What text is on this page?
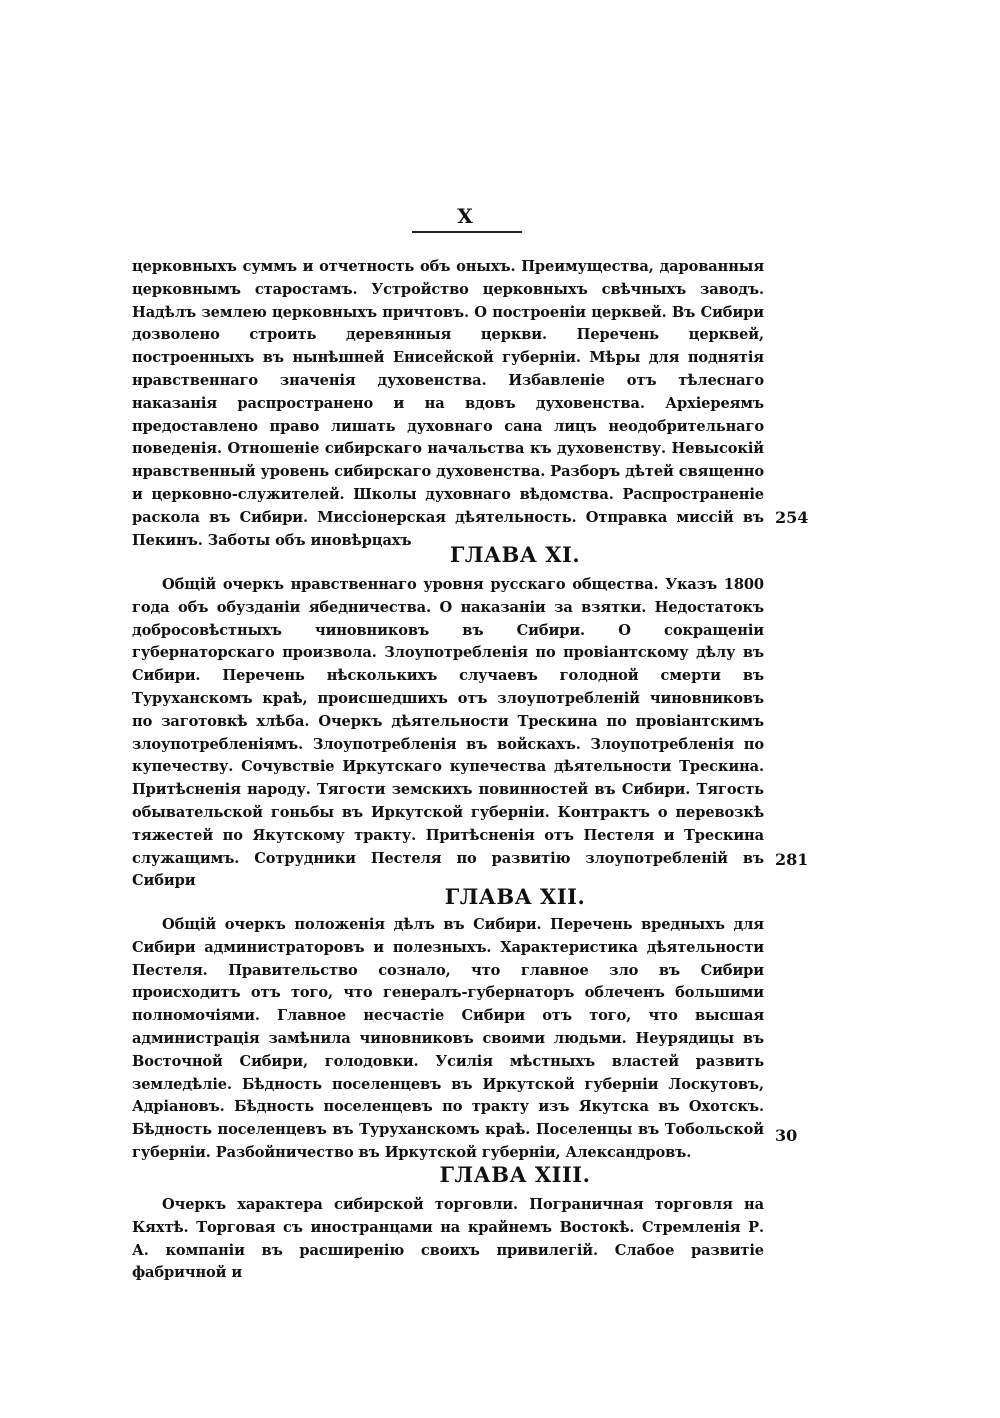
X

церковныхъ суммъ и отчетность объ оныхъ. Преимущества, дарованныя церковнымъ старостамъ. Устройство церковныхъ свѣчныхъ заводъ. Надѣлъ землею церковныхъ причтовъ. О построеніи церквей. Въ Сибири дозволено строить деревянныя церкви. Перечень церквей, построенныхъ въ нынѣшней Енисейской губерніи. Мѣры для поднятія нравственнаго значенія духовенства. Избавленіе отъ тѣлеснаго наказанія распространено и на вдовъ духовенства. Архіереямъ предоставлено право лишать духовнаго сана лицъ неодобрительнаго поведенія. Отношеніе сибирскаго начальства къ духовенству. Невысокій нравственный уровень сибирскаго духовенства. Разборъ дѣтей священно и церковно-служителей. Школы духовнаго вѣдомства. Распространеніе раскола въ Сибири. Миссіонерская дѣятельность. Отправка миссій въ Пекинъ. Заботы объ иновѣрцахъ

254
ГЛАВА XI.

Общій очеркъ нравственнаго уровня русскаго общества. Указъ 1800 года объ обузданіи ябедничества. О наказаніи за взятки. Недостатокъ добросовѣстныхъ чиновниковъ въ Сибири. О сокращеніи губернаторскаго произвола. Злоупотребленія по провіантскому дѣлу въ Сибири. Перечень нѣсколькихъ случаевъ голодной смерти въ Туруханскомъ краѣ, происшедшихъ отъ злоупотребленій чиновниковъ по заготовкѣ хлѣба. Очеркъ дѣятельности Трескина по провіантскимъ злоупотребленіямъ. Злоупотребленія въ войскахъ. Злоупотребленія по купечеству. Сочувствіе Иркутскаго купечества дѣятельности Трескина. Притѣсненія народу. Тягости земскихъ повинностей въ Сибири. Тягость обывательской гоньбы въ Иркутской губерніи. Контрактъ о перевозкѣ тяжестей по Якутскому тракту. Притѣсненія отъ Пестеля и Трескина служащимъ. Сотрудники Пестеля по развитію злоупотребленій въ Сибири

281
ГЛАВА XII.

Общій очеркъ положенія дѣлъ въ Сибири. Перечень вредныхъ для Сибири администраторовъ и полезныхъ. Характеристика дѣятельности Пестеля. Правительство сознало, что главное зло въ Сибири происходитъ отъ того, что генералъ-губернаторъ облеченъ большими полномочіями. Главное несчастіе Сибири отъ того, что высшая администрація замѣнила чиновниковъ своими людьми. Неурядицы въ Восточной Сибири, голодовки. Усилія мѣстныхъ властей развить земледѣліе. Бѣдность поселенцевъ въ Иркутской губерніи Лоскутовъ, Адріановъ. Бѣдность поселенцевъ по тракту изъ Якутска въ Охотскъ. Бѣдность поселенцевъ въ Туруханскомъ краѣ. Поселенцы въ Тобольской губерніи. Разбойничество въ Иркутской губерніи, Александровъ.

30
ГЛАВА XIII.

Очеркъ характера сибирской торговли. Пограничная торговля на Кяхтѣ. Торговая съ иностранцами на крайнемъ Востокѣ. Стремленія Р. А. компаніи въ расширенію своихъ привилегій. Слабое развитіе фабричной и
